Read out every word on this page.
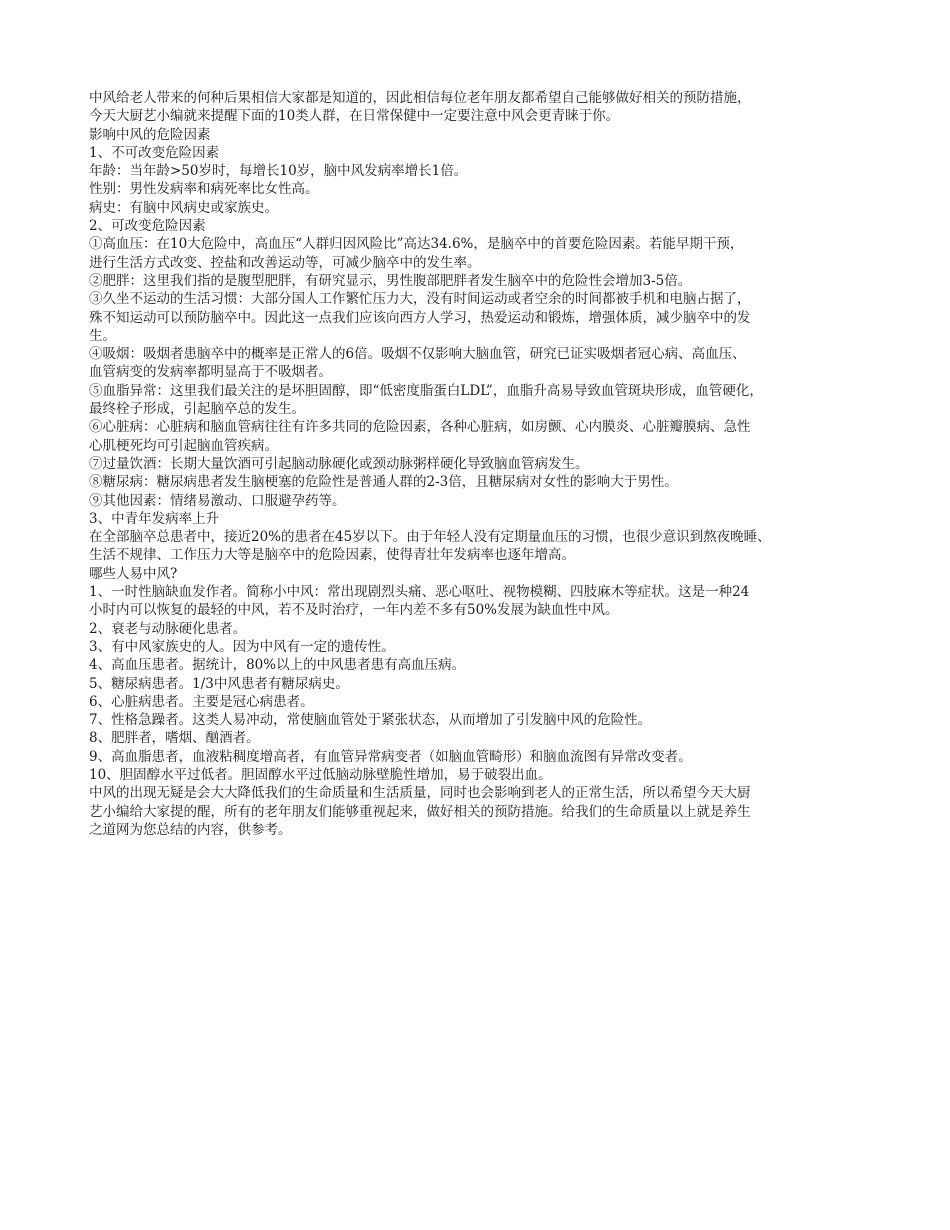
中风给老人带来的何种后果相信大家都是知道的，因此相信每位老年朋友都希望自己能够做好相关的预防措施，

今天大厨艺小编就来提醒下面的10类人群，在日常保健中一定要注意中风会更青睐于你。

影响中风的危险因素

1、不可改变危险因素

年龄：当年龄>50岁时，每增长10岁，脑中风发病率增长1倍。

性别：男性发病率和病死率比女性高。

病史：有脑中风病史或家族史。

2、可改变危险因素

①高血压：在10大危险中，高血压“人群归因风险比”高达34.6%，是脑卒中的首要危险因素。若能早期干预，

进行生活方式改变、控盐和改善运动等，可减少脑卒中的发生率。

②肥胖：这里我们指的是腹型肥胖，有研究显示，男性腹部肥胖者发生脑卒中的危险性会增加3-5倍。

③久坐不运动的生活习惯：大部分国人工作繁忙压力大，没有时间运动或者空余的时间都被手机和电脑占据了，

殊不知运动可以预防脑卒中。因此这一点我们应该向西方人学习，热爱运动和锻炼，增强体质，减少脑卒中的发

生。

④吸烟：吸烟者患脑卒中的概率是正常人的6倍。吸烟不仅影响大脑血管，研究已证实吸烟者冠心病、高血压、

血管病变的发病率都明显高于不吸烟者。

⑤血脂异常：这里我们最关注的是坏胆固醇，即“低密度脂蛋白LDL”，血脂升高易导致血管斑块形成，血管硬化，

最终栓子形成，引起脑卒总的发生。

⑥心脏病：心脏病和脑血管病往往有许多共同的危险因素，各种心脏病，如房颤、心内膜炎、心脏瓣膜病、急性

心肌梗死均可引起脑血管疾病。

⑦过量饮酒：长期大量饮酒可引起脑动脉硬化或颈动脉粥样硬化导致脑血管病发生。

⑧糖尿病：糖尿病患者发生脑梗塞的危险性是普通人群的2-3倍，且糖尿病对女性的影响大于男性。

⑨其他因素：情绪易激动、口服避孕药等。

3、中青年发病率上升

在全部脑卒总患者中，接近20%的患者在45岁以下。由于年轻人没有定期量血压的习惯，也很少意识到熬夜晚睡、

生活不规律、工作压力大等是脑卒中的危险因素，使得青壮年发病率也逐年增高。

哪些人易中风?

1、一时性脑缺血发作者。简称小中风：常出现剧烈头痛、恶心呕吐、视物模糊、四肢麻木等症状。这是一种24

小时内可以恢复的最轻的中风，若不及时治疗，一年内差不多有50%发展为缺血性中风。

2、衰老与动脉硬化患者。

3、有中风家族史的人。因为中风有一定的遗传性。

4、高血压患者。据统计，80%以上的中风患者患有高血压病。

5、糖尿病患者。1/3中风患者有糖尿病史。

6、心脏病患者。主要是冠心病患者。

7、性格急躁者。这类人易冲动，常使脑血管处于紧张状态，从而增加了引发脑中风的危险性。

8、肥胖者，嗜烟、酗酒者。

9、高血脂患者，血液粘稠度增高者，有血管异常病变者（如脑血管畸形）和脑血流图有异常改变者。

10、胆固醇水平过低者。胆固醇水平过低脑动脉壁脆性增加，易于破裂出血。

中风的出现无疑是会大大降低我们的生命质量和生活质量，同时也会影响到老人的正常生活，所以希望今天大厨

艺小编给大家提的醒，所有的老年朋友们能够重视起来，做好相关的预防措施。给我们的生命质量以上就是养生

之道网为您总结的内容，供参考。
